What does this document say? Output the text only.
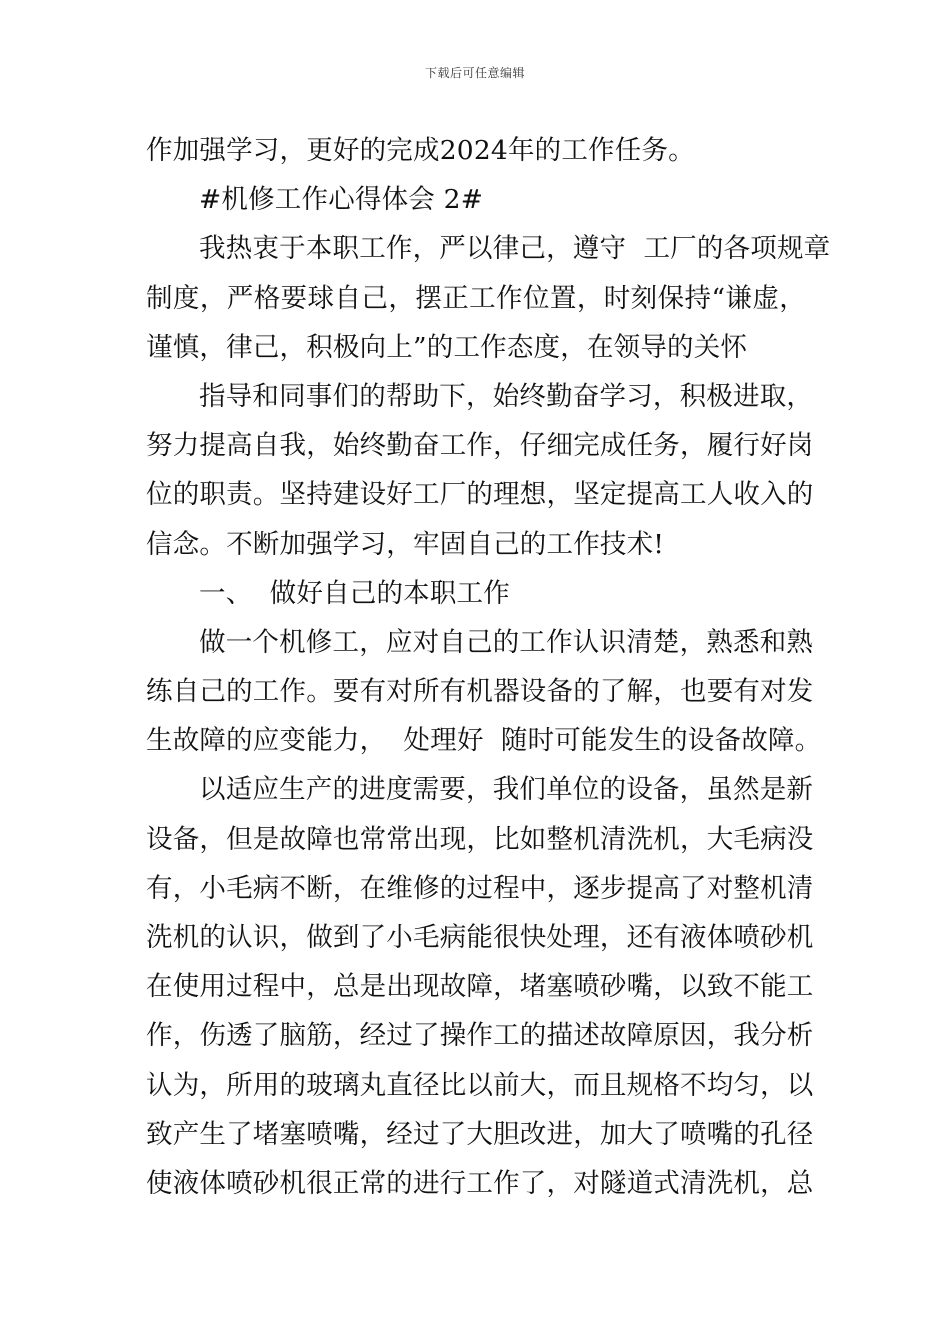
下载后可任意编辑
作加强学习，更好的完成2024年的工作任务。
#机修工作心得体会 2#
我热衷于本职工作，严以律己，遵守  工厂的各项规章
制度，严格要球自己，摆正工作位置，时刻保持“谦虚，
谨慎，律己，积极向上”的工作态度，在领导的关怀
指导和同事们的帮助下，始终勤奋学习，积极进取，
努力提高自我，始终勤奋工作，仔细完成任务，履行好岗
位的职责。坚持建设好工厂的理想，坚定提高工人收入的
信念。不断加强学习，牢固自己的工作技术!
一、  做好自己的本职工作
做一个机修工，应对自己的工作认识清楚，熟悉和熟
练自己的工作。要有对所有机器设备的了解，也要有对发
生故障的应变能力，  处理好  随时可能发生的设备故障。
以适应生产的进度需要，我们单位的设备，虽然是新
设备，但是故障也常常出现，比如整机清洗机，大毛病没
有，小毛病不断，在维修的过程中，逐步提高了对整机清
洗机的认识，做到了小毛病能很快处理，还有液体喷砂机
在使用过程中，总是出现故障，堵塞喷砂嘴，以致不能工
作，伤透了脑筋，经过了操作工的描述故障原因，我分析
认为，所用的玻璃丸直径比以前大，而且规格不均匀，以
致产生了堵塞喷嘴，经过了大胆改进，加大了喷嘴的孔径
使液体喷砂机很正常的进行工作了，对隧道式清洗机，总
